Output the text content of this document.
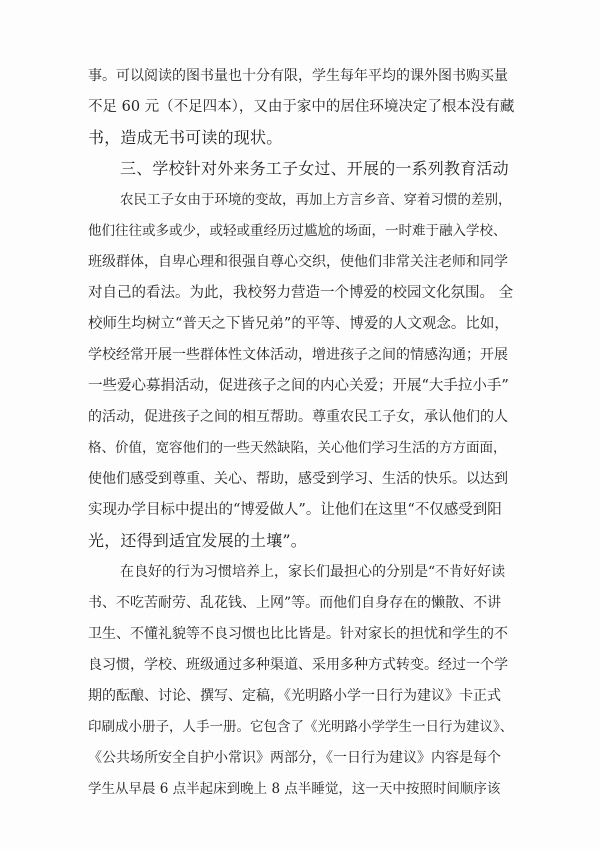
事。可以阅读的图书量也十分有限，学生每年平均的课外图书购买量
不足 60 元（不足四本），又由于家中的居住环境决定了根本没有藏
书，造成无书可读的现状。
三、学校针对外来务工子女过、开展的一系列教育活动
农民工子女由于环境的变故，再加上方言乡音、穿着习惯的差别，
他们往往或多或少，或轻或重经历过尴尬的场面，一时难于融入学校、
班级群体，自卑心理和很强自尊心交织，使他们非常关注老师和同学
对自己的看法。为此，我校努力营造一个博爱的校园文化氛围。 全
校师生均树立“普天之下皆兄弟”的平等、博爱的人文观念。比如，
学校经常开展一些群体性文体活动，增进孩子之间的情感沟通；开展
一些爱心募捐活动，促进孩子之间的内心关爱；开展“大手拉小手”
的活动，促进孩子之间的相互帮助。尊重农民工子女，承认他们的人
格、价值，宽容他们的一些天然缺陷，关心他们学习生活的方方面面，
使他们感受到尊重、关心、帮助，感受到学习、生活的快乐。以达到
实现办学目标中提出的“博爱做人”。让他们在这里“不仅感受到阳
光，还得到适宜发展的土壤”。
在良好的行为习惯培养上，家长们最担心的分别是“不肯好好读
书、不吃苦耐劳、乱花钱、上网”等。而他们自身存在的懒散、不讲
卫生、不懂礼貌等不良习惯也比比皆是。针对家长的担忧和学生的不
良习惯，学校、班级通过多种渠道、采用多种方式转变。经过一个学
期的酝酿、讨论、撰写、定稿，《光明路小学一日行为建议》卡正式
印刷成小册子，人手一册。它包含了《光明路小学学生一日行为建议》、
《公共场所安全自护小常识》两部分，《一日行为建议》内容是每个
学生从早晨 6 点半起床到晚上 8 点半睡觉，这一天中按照时间顺序该
